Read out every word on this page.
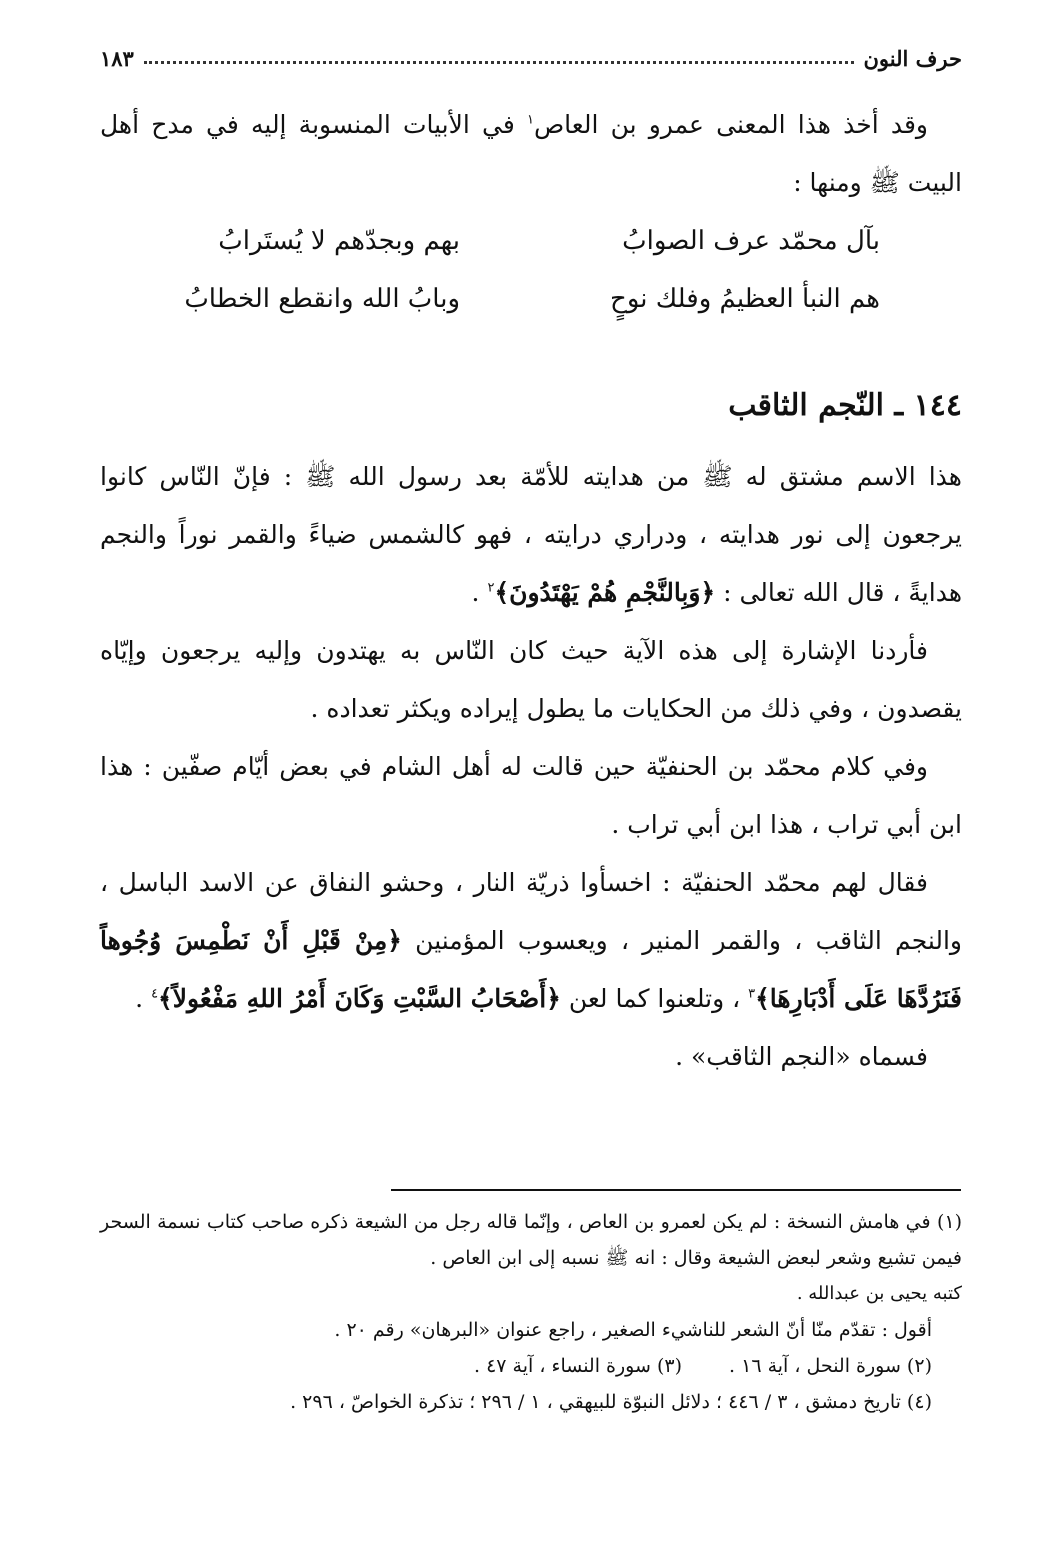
حرف النون
١٨٣
وقد أخذ هذا المعنى عمرو بن العاص$^١$ في الأبيات المنسوبة إليه في مدح أهل البيت ﷺ ومنها :
بآل محمّد عرف الصوابُ
بهم وبجدّهم لا يُستَرابُ
هم النبأ العظيمُ وفلك نوحٍ
وبابُ الله وانقطع الخطابُ
١٤٤ ـ النّجم الثاقب

هذا الاسم مشتق له ﷺ من هدايته للأمّة بعد رسول الله ﷺ : فإنّ النّاس كانوا يرجعون إلى نور هدايته ، ودراري درايته ، فهو كالشمس ضياءً والقمر نوراً والنجم هدايةً ، قال الله تعالى : ﴿وَبِالنَّجْمِ هُمْ يَهْتَدُونَ﴾$^٢$ .

فأردنا الإشارة إلى هذه الآية حيث كان النّاس به يهتدون وإليه يرجعون وإيّاه يقصدون ، وفي ذلك من الحكايات ما يطول إيراده ويكثر تعداده .

وفي كلام محمّد بن الحنفيّة حين قالت له أهل الشام في بعض أيّام صفّين : هذا ابن أبي تراب ، هذا ابن أبي تراب .

فقال لهم محمّد الحنفيّة : اخسأوا ذريّة النار ، وحشو النفاق عن الاسد الباسل ، والنجم الثاقب ، والقمر المنير ، ويعسوب المؤمنين ﴿مِنْ قَبْلِ أَنْ نَطْمِسَ وُجُوهاً فَنَرُدَّهَا عَلَى أَدْبَارِهَا﴾$^٣$ ، وتلعنوا كما لعن ﴿أَصْحَابُ السَّبْتِ وَكَانَ أَمْرُ اللهِ مَفْعُولاً﴾$^٤$ .

فسماه «النجم الثاقب» .

(١) في هامش النسخة : لم يكن لعمرو بن العاص ، وإنّما قاله رجل من الشيعة ذكره صاحب كتاب نسمة السحر فيمن تشيع وشعر لبعض الشيعة وقال : انه ﷺ نسبه إلى ابن العاص .

كتبه يحيى بن عبدالله .

أقول : تقدّم منّا أنّ الشعر للناشيء الصغير ، راجع عنوان «البرهان» رقم ٢٠ .

(٢) سورة النحل ، آية ١٦ .
(٣) سورة النساء ، آية ٤٧ .

(٤) تاريخ دمشق ، ٣ / ٤٤٦ ؛ دلائل النبوّة للبيهقي ، ١ / ٢٩٦ ؛ تذكرة الخواصّ ، ٢٩٦ .
